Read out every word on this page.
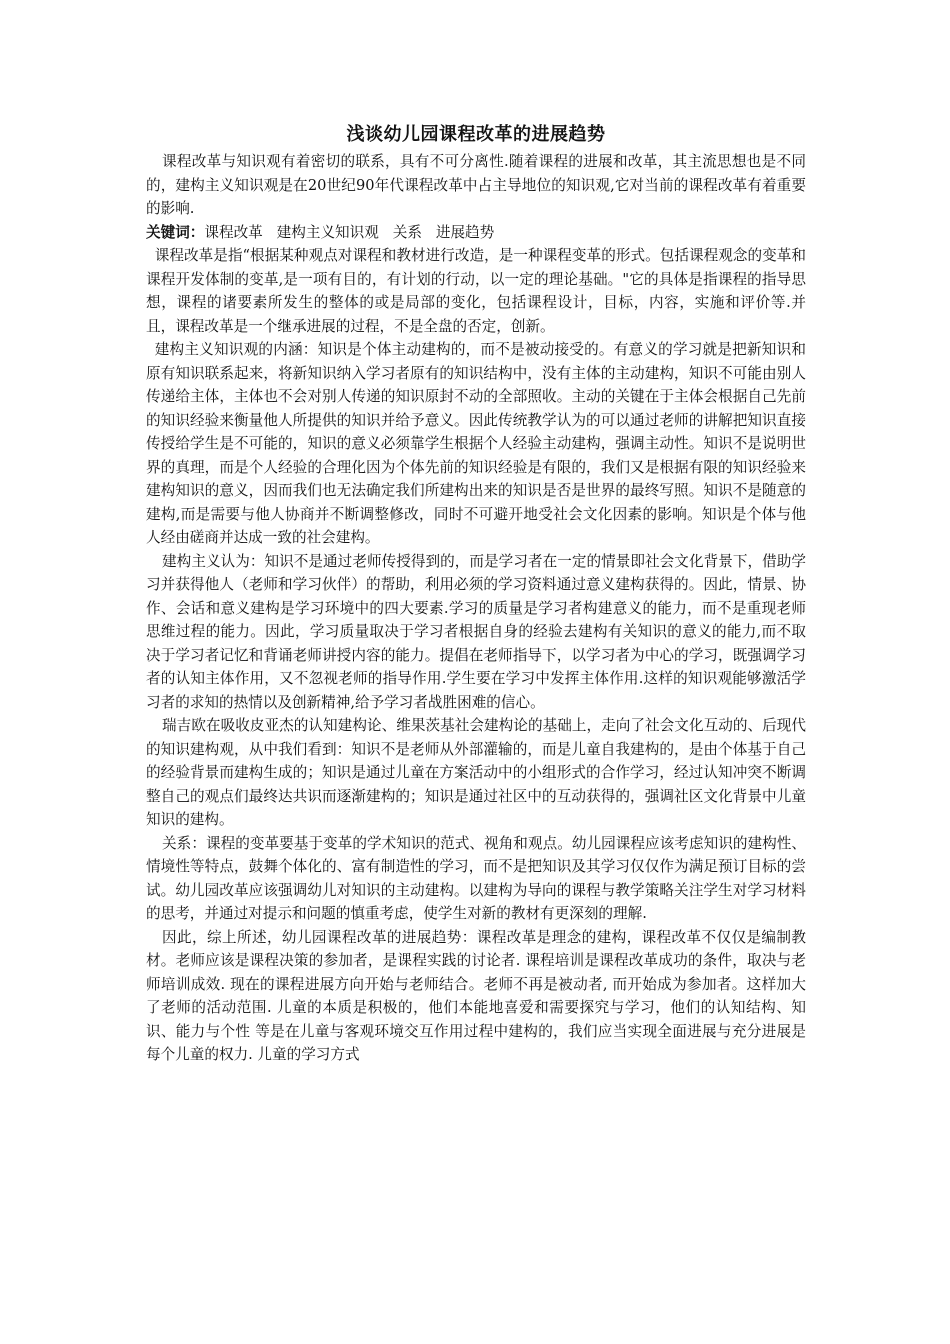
浅谈幼儿园课程改革的进展趋势

课程改革与知识观有着密切的联系，具有不可分离性.随着课程的进展和改革，其主流思想也是不同的，建构主义知识观是在20世纪90年代课程改革中占主导地位的知识观,它对当前的课程改革有着重要的影响.

关键词：课程改革   建构主义知识观   关系   进展趋势

课程改革是指“根据某种观点对课程和教材进行改造，是一种课程变革的形式。包括课程观念的变革和课程开发体制的变革,是一项有目的，有计划的行动，以一定的理论基础。"它的具体是指课程的指导思想，课程的诸要素所发生的整体的或是局部的变化，包括课程设计，目标，内容，实施和评价等.并且，课程改革是一个继承进展的过程，不是全盘的否定，创新。

建构主义知识观的内涵：知识是个体主动建构的，而不是被动接受的。有意义的学习就是把新知识和原有知识联系起来，将新知识纳入学习者原有的知识结构中，没有主体的主动建构，知识不可能由别人传递给主体，主体也不会对别人传递的知识原封不动的全部照收。主动的关键在于主体会根据自己先前的知识经验来衡量他人所提供的知识并给予意义。因此传统教学认为的可以通过老师的讲解把知识直接传授给学生是不可能的，知识的意义必须靠学生根据个人经验主动建构，强调主动性。知识不是说明世界的真理，而是个人经验的合理化因为个体先前的知识经验是有限的，我们又是根据有限的知识经验来建构知识的意义，因而我们也无法确定我们所建构出来的知识是否是世界的最终写照。知识不是随意的建构,而是需要与他人协商并不断调整修改，同时不可避开地受社会文化因素的影响。知识是个体与他人经由磋商并达成一致的社会建构。

建构主义认为：知识不是通过老师传授得到的，而是学习者在一定的情景即社会文化背景下，借助学习并获得他人（老师和学习伙伴）的帮助，利用必须的学习资料通过意义建构获得的。因此，情景、协作、会话和意义建构是学习环境中的四大要素.学习的质量是学习者构建意义的能力，而不是重现老师思维过程的能力。因此，学习质量取决于学习者根据自身的经验去建构有关知识的意义的能力,而不取决于学习者记忆和背诵老师讲授内容的能力。提倡在老师指导下，以学习者为中心的学习，既强调学习者的认知主体作用，又不忽视老师的指导作用.学生要在学习中发挥主体作用.这样的知识观能够激活学习者的求知的热情以及创新精神,给予学习者战胜困难的信心。

瑞吉欧在吸收皮亚杰的认知建构论、维果茨基社会建构论的基础上，走向了社会文化互动的、后现代的知识建构观，从中我们看到：知识不是老师从外部灌输的，而是儿童自我建构的，是由个体基于自己的经验背景而建构生成的；知识是通过儿童在方案活动中的小组形式的合作学习，经过认知冲突不断调整自己的观点们最终达共识而逐渐建构的；知识是通过社区中的互动获得的，强调社区文化背景中儿童知识的建构。

关系：课程的变革要基于变革的学术知识的范式、视角和观点。幼儿园课程应该考虑知识的建构性、情境性等特点，鼓舞个体化的、富有制造性的学习，而不是把知识及其学习仅仅作为满足预订目标的尝试。幼儿园改革应该强调幼儿对知识的主动建构。以建构为导向的课程与教学策略关注学生对学习材料的思考，并通过对提示和问题的慎重考虑，使学生对新的教材有更深刻的理解.

因此，综上所述，幼儿园课程改革的进展趋势：课程改革是理念的建构，课程改革不仅仅是编制教材。老师应该是课程决策的参加者，是课程实践的讨论者. 课程培训是课程改革成功的条件，取决与老师培训成效. 现在的课程进展方向开始与老师结合。老师不再是被动者, 而开始成为参加者。这样加大了老师的活动范围. 儿童的本质是积极的，他们本能地喜爱和需要探究与学习，他们的认知结构、知识、能力与个性 等是在儿童与客观环境交互作用过程中建构的，我们应当实现全面进展与充分进展是每个儿童的权力. 儿童的学习方式
